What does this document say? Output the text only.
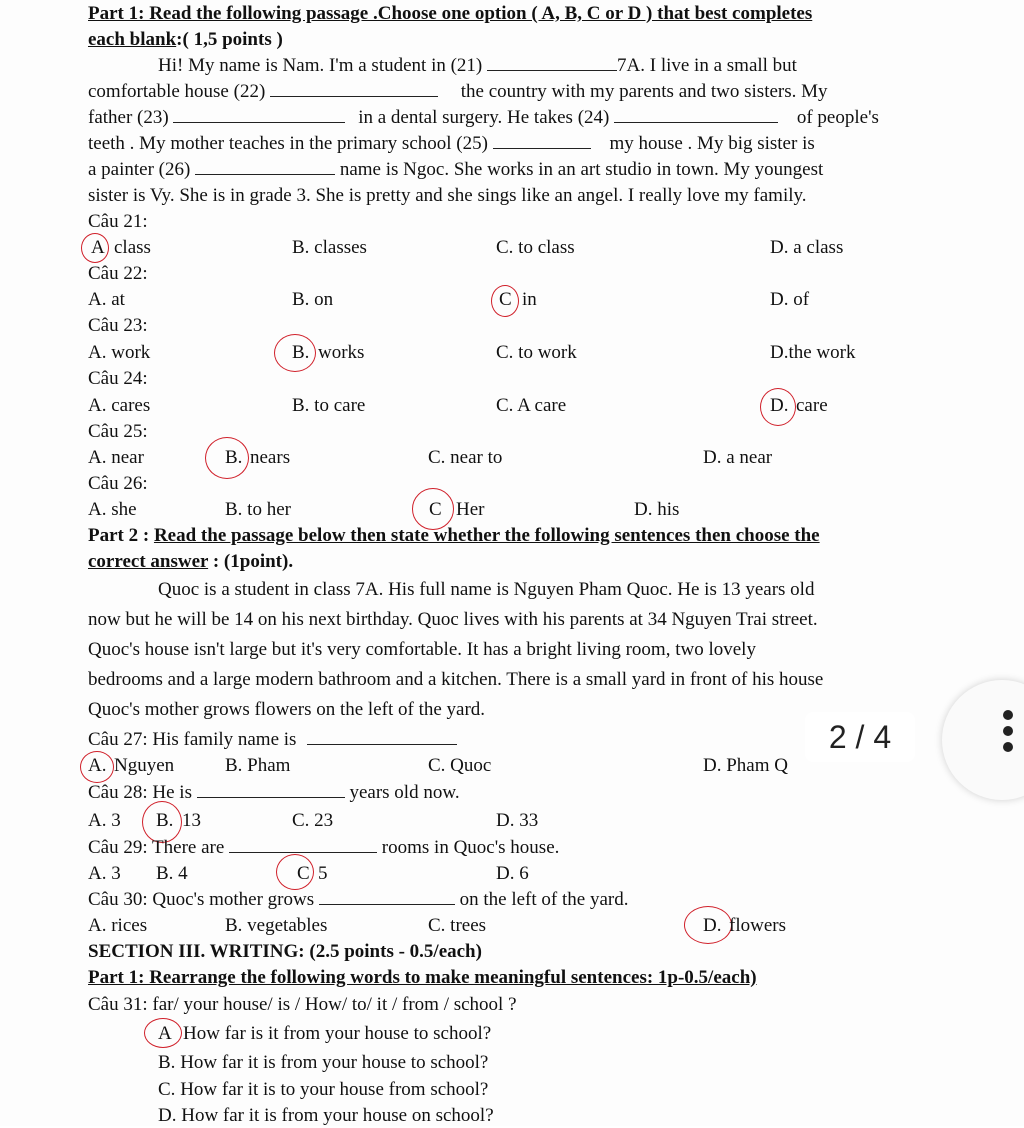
Part 1: Read the following passage .Choose one option ( A, B, C or D ) that best completes
each blank:( 1,5 points )
Hi! My name is Nam. I'm a student in (21)	7A. I live in a small but
comfortable house (22)	the country with my parents and two sisters. My
father (23)	in a dental surgery. He takes (24)	of people's
teeth . My mother teaches in the primary school (25)	my house . My big sister is
a painter (26)	name is Ngoc. She works in an art studio in town. My youngest
sister is Vy. She is in grade 3. She is pretty and she sings like an angel. I really love my family.
Câu 21:
A class	B. classes	C. to class	D. a class
Câu 22:
A. at	B. on	C in	D. of
Câu 23:
A. work	B. works	C. to work	D.the work
Câu 24:
A. cares	B. to care	C. A care	D. care
Câu 25:
A. near	B. nears	C. near to	D. a near
Câu 26:
A. she	B. to her	C Her	D. his
Part 2 : Read the passage below then state whether the following sentences then choose the
correct answer : (1point).
Quoc is a student in class 7A. His full name is Nguyen Pham Quoc. He is 13 years old
now but he will be 14 on his next birthday. Quoc lives with his parents at 34 Nguyen Trai street.
Quoc's house isn't large but it's very comfortable. It has a bright living room, two lovely
bedrooms and a large modern bathroom and a kitchen. There is a small yard in front of his house
Quoc's mother grows flowers on the left of the yard.
Câu 27: His family name is
A. Nguyen	B. Pham	C. Quoc	D. Pham Q
Câu 28: He is	years old now.
A. 3 B. 13	C. 23	D. 33
Câu 29: There are	rooms in Quoc's house.
A. 3 B. 4	C 5	D. 6
Câu 30: Quoc's mother grows	on the left of the yard.
A. rices	B. vegetables	C. trees	D. flowers
SECTION III. WRITING: (2.5 points - 0.5/each)
Part 1: Rearrange the following words to make meaningful sentences: 1p-0.5/each)
Câu 31: far/ your house/ is / How/ to/ it / from / school ?
A How far is it from your house to school?
B. How far it is from your house to school?
C. How far it is to your house from school?
D. How far it is from your house on school?
2 / 4
